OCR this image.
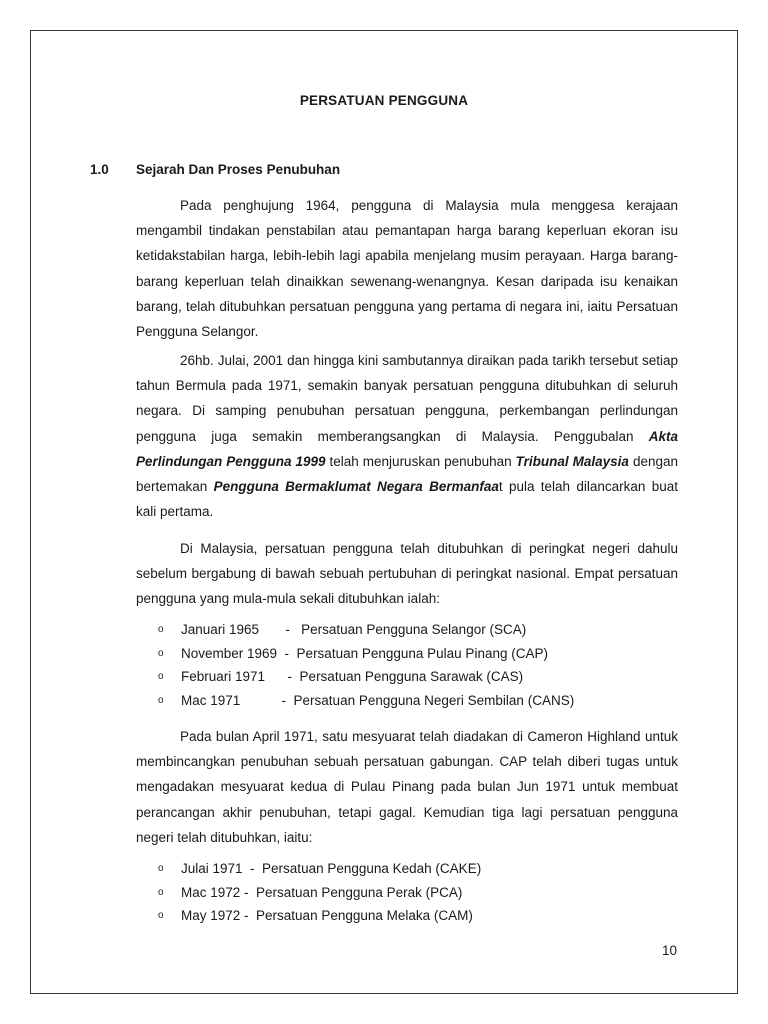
PERSATUAN PENGGUNA
1.0 Sejarah Dan Proses Penubuhan

Pada penghujung 1964, pengguna di Malaysia mula menggesa kerajaan mengambil tindakan penstabilan atau pemantapan harga barang keperluan ekoran isu ketidakstabilan harga, lebih-lebih lagi apabila menjelang musim perayaan. Harga barang-barang keperluan telah dinaikkan sewenang-wenangnya. Kesan daripada isu kenaikan barang, telah ditubuhkan persatuan pengguna yang pertama di negara ini, iaitu Persatuan Pengguna Selangor.

26hb. Julai, 2001 dan hingga kini sambutannya diraikan pada tarikh tersebut setiap tahun Bermula pada 1971, semakin banyak persatuan pengguna ditubuhkan di seluruh negara. Di samping penubuhan persatuan pengguna, perkembangan perlindungan pengguna juga semakin memberangsangkan di Malaysia. Penggubalan Akta Perlindungan Pengguna 1999 telah menjuruskan penubuhan Tribunal Malaysia dengan bertemakan Pengguna Bermaklumat Negara Bermanfaat pula telah dilancarkan buat kali pertama.

Di Malaysia, persatuan pengguna telah ditubuhkan di peringkat negeri dahulu sebelum bergabung di bawah sebuah pertubuhan di peringkat nasional. Empat persatuan pengguna yang mula-mula sekali ditubuhkan ialah:

o Januari 1965       -   Persatuan Pengguna Selangor (SCA)
o November 1969  -  Persatuan Pengguna Pulau Pinang (CAP)
o Februari 1971      -  Persatuan Pengguna Sarawak (CAS)
o Mac 1971           -  Persatuan Pengguna Negeri Sembilan (CANS)

Pada bulan April 1971, satu mesyuarat telah diadakan di Cameron Highland untuk membincangkan penubuhan sebuah persatuan gabungan. CAP telah diberi tugas untuk mengadakan mesyuarat kedua di Pulau Pinang pada bulan Jun 1971 untuk membuat perancangan akhir penubuhan, tetapi gagal. Kemudian tiga lagi persatuan pengguna negeri telah ditubuhkan, iaitu:

o Julai 1971  -  Persatuan Pengguna Kedah (CAKE)
o Mac 1972 -  Persatuan Pengguna Perak (PCA)
o May 1972 -  Persatuan Pengguna Melaka (CAM)
10
